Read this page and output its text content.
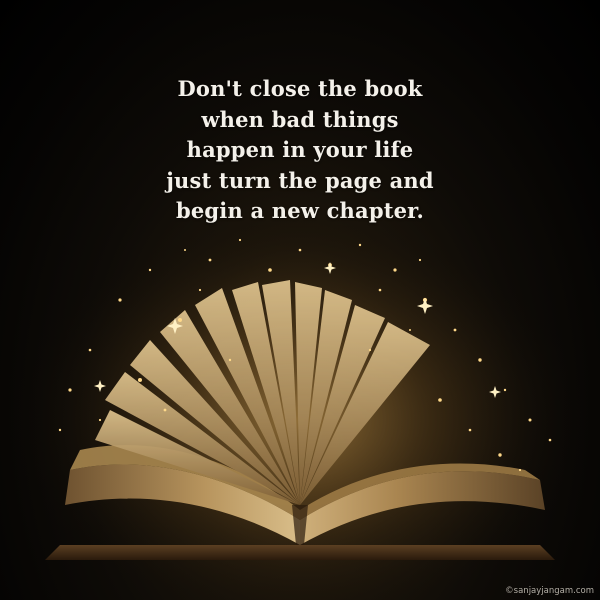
Don't close the book
when bad things
happen in your life
just turn the page and
begin a new chapter.
©sanjayjangam.com
